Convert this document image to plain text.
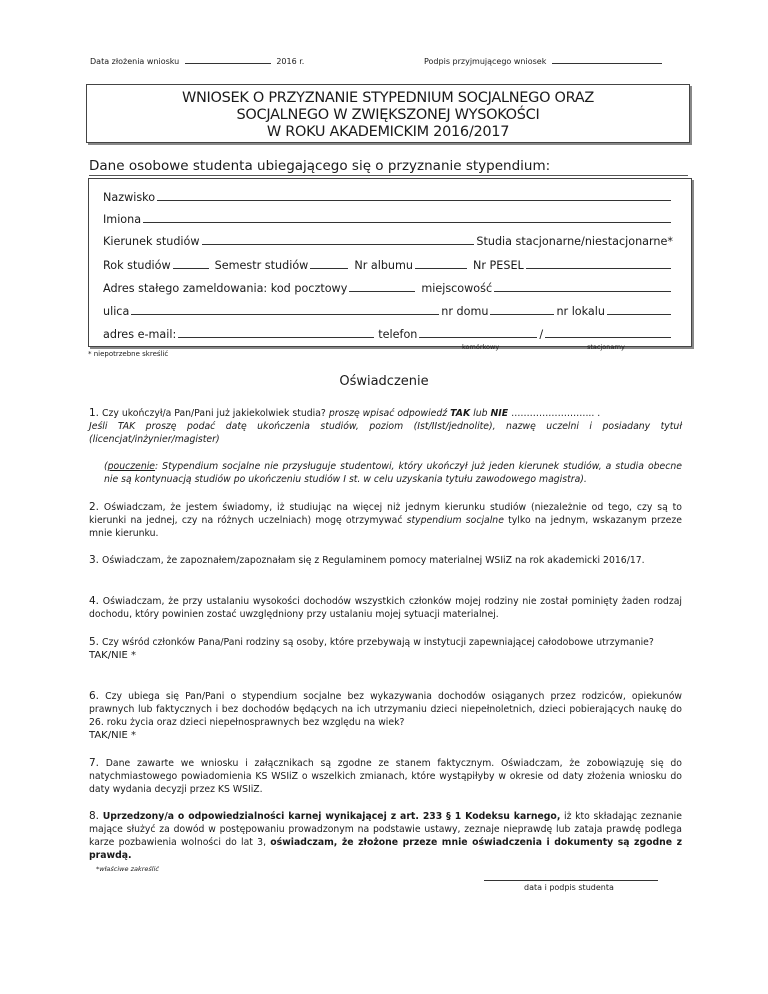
Data złożenia wniosku	2016 r.	Podpis przyjmującego wniosek
WNIOSEK O PRZYZNANIE STYPEDNIUM SOCJALNEGO ORAZ
SOCJALNEGO W ZWIĘKSZONEJ WYSOKOŚCI
W ROKU AKADEMICKIM 2016/2017
Dane osobowe studenta ubiegającego się o przyznanie stypendium:
Nazwisko
Imiona
Kierunek studiów	Studia stacjonarne/niestacjonarne*
Rok studiów	Semestr studiów	Nr albumu	Nr PESEL
Adres stałego zameldowania: kod pocztowy	miejscowość
ulica	nr domu	nr lokalu
adres e-mail:	telefon	/
komórkowy	stacjonarny
* niepotrzebne skreślić
Oświadczenie
1. Czy ukończył/a Pan/Pani już jakiekolwiek studia? proszę wpisać odpowiedź TAK lub NIE ……………………... .
Jeśli TAK proszę podać datę ukończenia studiów, poziom (Ist/IIst/jednolite), nazwę uczelni i posiadany tytuł (licencjat/inżynier/magister)
(pouczenie: Stypendium socjalne nie przysługuje studentowi, który ukończył już jeden kierunek studiów, a studia obecne nie są kontynuacją studiów po ukończeniu studiów I st. w celu uzyskania tytułu zawodowego magistra).
2. Oświadczam, że jestem świadomy, iż studiując na więcej niż jednym kierunku studiów (niezależnie od tego, czy są to kierunki na jednej, czy na różnych uczelniach) mogę otrzymywać stypendium socjalne tylko na jednym, wskazanym przeze mnie kierunku.
3. Oświadczam, że zapoznałem/zapoznałam się z Regulaminem pomocy materialnej WSIiZ na rok akademicki 2016/17.
4. Oświadczam, że przy ustalaniu wysokości dochodów wszystkich członków mojej rodziny nie został pominięty żaden rodzaj dochodu, który powinien zostać uwzględniony przy ustalaniu mojej sytuacji materialnej.
5. Czy wśród członków Pana/Pani rodziny są osoby, które przebywają w instytucji zapewniającej całodobowe utrzymanie?
TAK/NIE *
6. Czy ubiega się Pan/Pani o stypendium socjalne bez wykazywania dochodów osiąganych przez rodziców, opiekunów prawnych lub faktycznych i bez dochodów będących na ich utrzymaniu dzieci niepełnoletnich, dzieci pobierających naukę do 26. roku życia oraz dzieci niepełnosprawnych bez względu na wiek?
TAK/NIE *
7. Dane zawarte we wniosku i załącznikach są zgodne ze stanem faktycznym. Oświadczam, że zobowiązuję się do natychmiastowego powiadomienia KS WSIiZ o wszelkich zmianach, które wystąpiłyby w okresie od daty złożenia wniosku do daty wydania decyzji przez KS WSIiZ.
8. Uprzedzony/a o odpowiedzialności karnej wynikającej z art. 233 § 1 Kodeksu karnego, iż kto składając zeznanie mające służyć za dowód w postępowaniu prowadzonym na podstawie ustawy, zeznaje nieprawdę lub zataja prawdę podlega karze pozbawienia wolności do lat 3, oświadczam, że złożone przeze mnie oświadczenia i dokumenty są zgodne z prawdą.
*właściwe zakreślić
data i podpis studenta
